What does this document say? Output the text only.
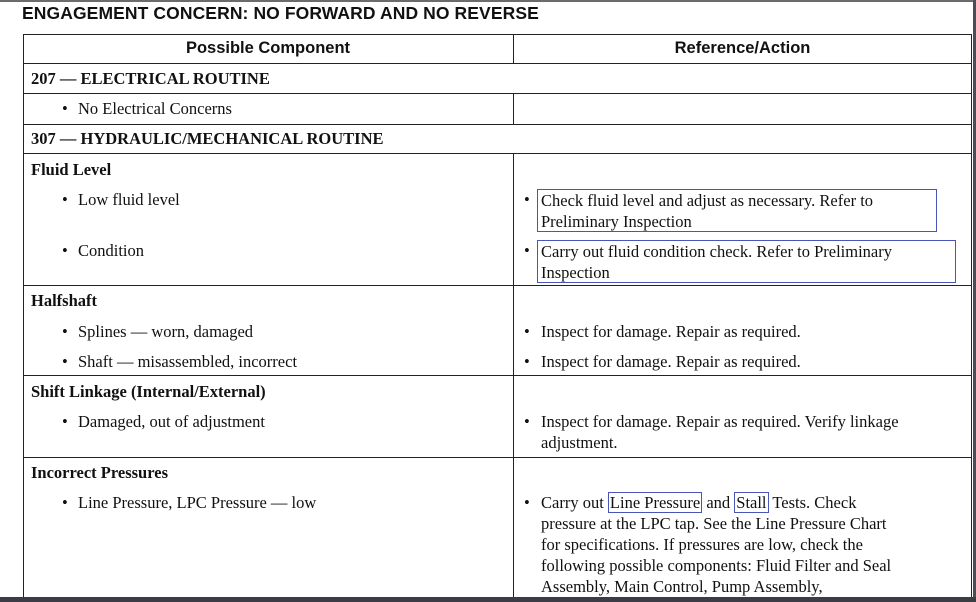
ENGAGEMENT CONCERN: NO FORWARD AND NO REVERSE
Possible Component	Reference/Action
207 — ELECTRICAL ROUTINE
• No Electrical Concerns
307 — HYDRAULIC/MECHANICAL ROUTINE
Fluid Level
• Low fluid level	• Check fluid level and adjust as necessary. Refer to
Preliminary Inspection
• Condition	• Carry out fluid condition check. Refer to Preliminary
Inspection
Halfshaft
• Splines — worn, damaged	• Inspect for damage. Repair as required.
• Shaft — misassembled, incorrect	• Inspect for damage. Repair as required.
Shift Linkage (Internal/External)
• Damaged, out of adjustment	• Inspect for damage. Repair as required. Verify linkage
adjustment.
Incorrect Pressures
• Line Pressure, LPC Pressure — low	• Carry out Line Pressure and Stall Tests. Check
pressure at the LPC tap. See the Line Pressure Chart
for specifications. If pressures are low, check the
following possible components: Fluid Filter and Seal
Assembly, Main Control, Pump Assembly,
